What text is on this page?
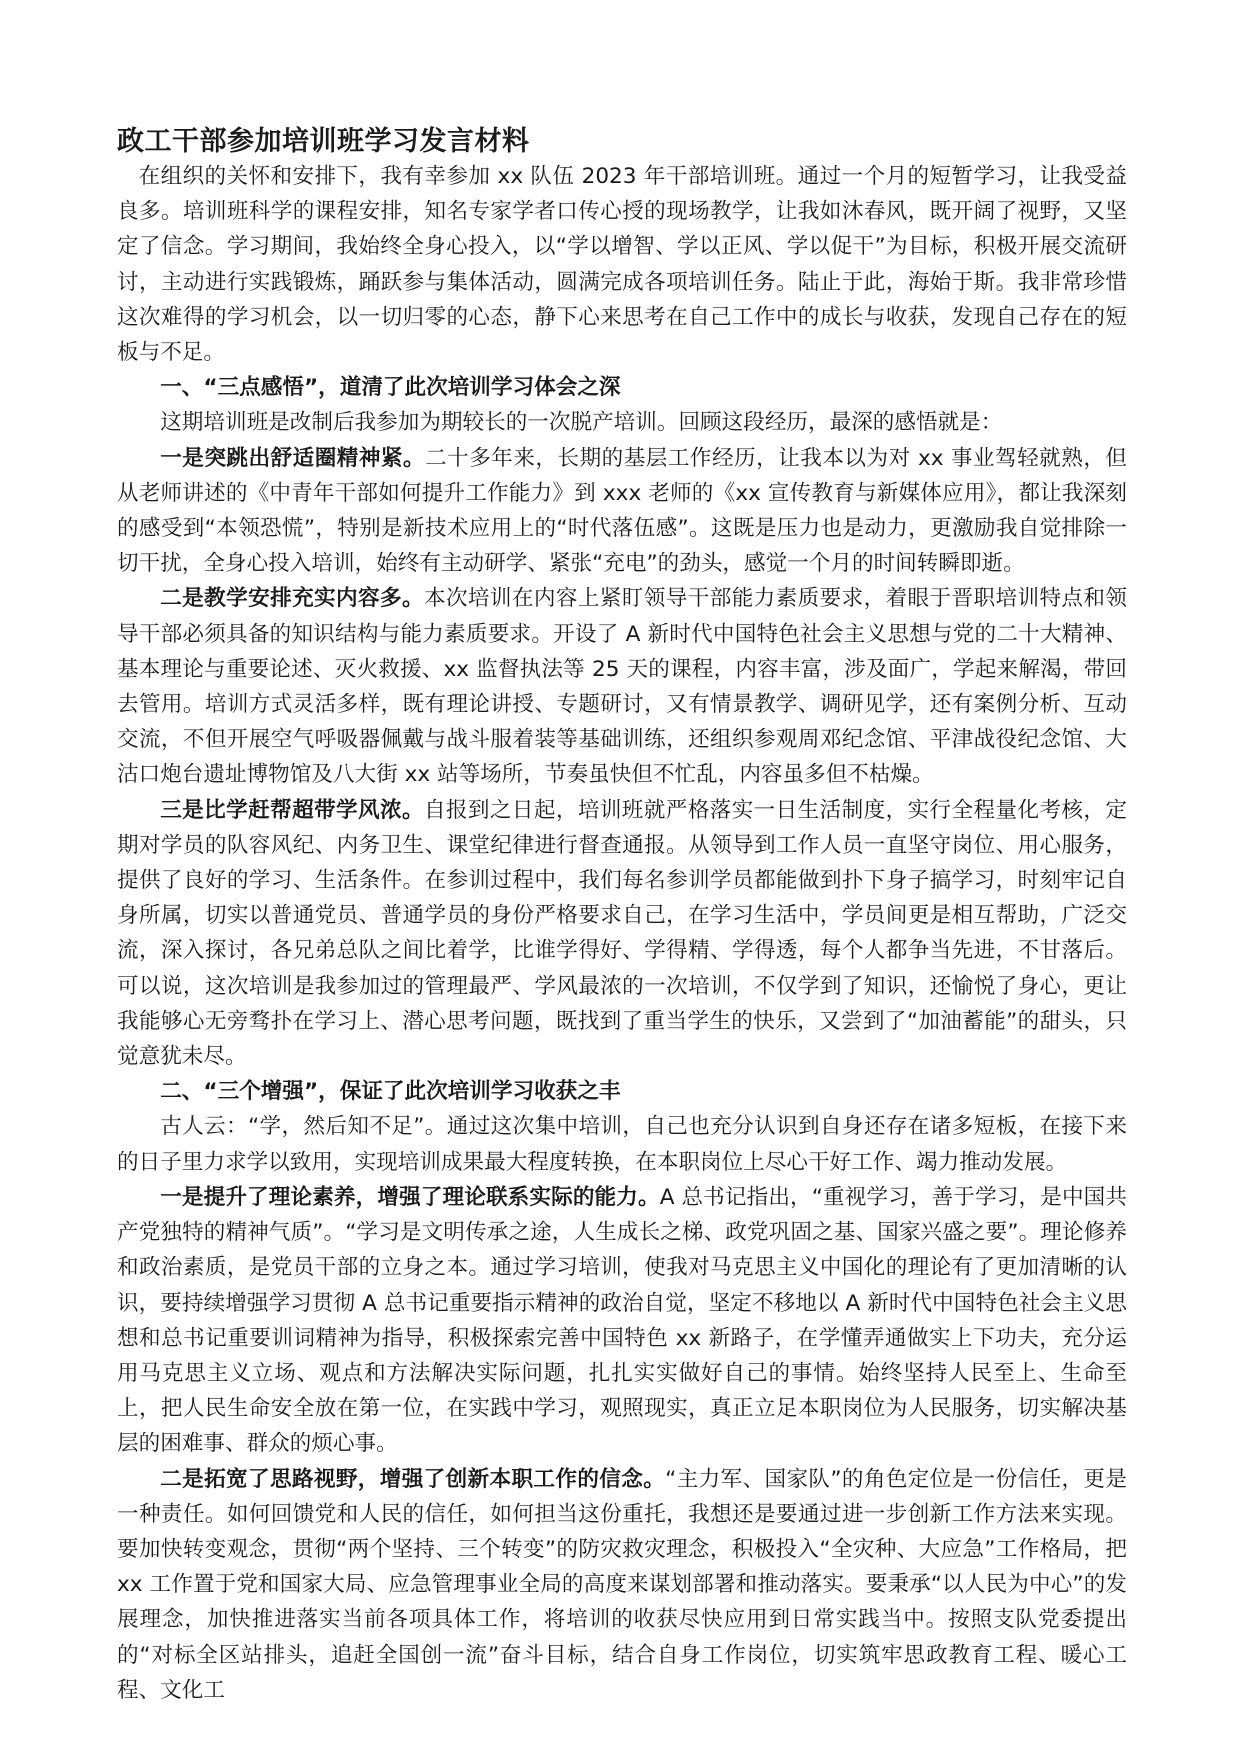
政工干部参加培训班学习发言材料

在组织的关怀和安排下，我有幸参加 xx 队伍 2023 年干部培训班。通过一个月的短暂学习，让我受益良多。培训班科学的课程安排，知名专家学者口传心授的现场教学，让我如沐春风，既开阔了视野，又坚定了信念。学习期间，我始终全身心投入，以“学以增智、学以正风、学以促干”为目标，积极开展交流研讨，主动进行实践锻炼，踊跃参与集体活动，圆满完成各项培训任务。陆止于此，海始于斯。我非常珍惜这次难得的学习机会，以一切归零的心态，静下心来思考在自己工作中的成长与收获，发现自己存在的短板与不足。

一、“三点感悟”，道清了此次培训学习体会之深

这期培训班是改制后我参加为期较长的一次脱产培训。回顾这段经历，最深的感悟就是：

一是突跳出舒适圈精神紧。二十多年来，长期的基层工作经历，让我本以为对 xx 事业驾轻就熟，但从老师讲述的《中青年干部如何提升工作能力》到 xxx 老师的《xx 宣传教育与新媒体应用》，都让我深刻的感受到“本领恐慌”，特别是新技术应用上的“时代落伍感”。这既是压力也是动力，更激励我自觉排除一切干扰，全身心投入培训，始终有主动研学、紧张“充电”的劲头，感觉一个月的时间转瞬即逝。

二是教学安排充实内容多。本次培训在内容上紧盯领导干部能力素质要求，着眼于晋职培训特点和领导干部必须具备的知识结构与能力素质要求。开设了 A 新时代中国特色社会主义思想与党的二十大精神、基本理论与重要论述、灭火救援、xx 监督执法等 25 天的课程，内容丰富，涉及面广，学起来解渴，带回去管用。培训方式灵活多样，既有理论讲授、专题研讨，又有情景教学、调研见学，还有案例分析、互动交流，不但开展空气呼吸器佩戴与战斗服着装等基础训练，还组织参观周邓纪念馆、平津战役纪念馆、大沽口炮台遗址博物馆及八大街 xx 站等场所，节奏虽快但不忙乱，内容虽多但不枯燥。

三是比学赶帮超带学风浓。自报到之日起，培训班就严格落实一日生活制度，实行全程量化考核，定期对学员的队容风纪、内务卫生、课堂纪律进行督查通报。从领导到工作人员一直坚守岗位、用心服务，提供了良好的学习、生活条件。在参训过程中，我们每名参训学员都能做到扑下身子搞学习，时刻牢记自身所属，切实以普通党员、普通学员的身份严格要求自己，在学习生活中，学员间更是相互帮助，广泛交流，深入探讨，各兄弟总队之间比着学，比谁学得好、学得精、学得透，每个人都争当先进，不甘落后。可以说，这次培训是我参加过的管理最严、学风最浓的一次培训，不仅学到了知识，还愉悦了身心，更让我能够心无旁骛扑在学习上、潜心思考问题，既找到了重当学生的快乐，又尝到了“加油蓄能”的甜头，只觉意犹未尽。

二、“三个增强”，保证了此次培训学习收获之丰

古人云：“学，然后知不足”。通过这次集中培训，自己也充分认识到自身还存在诸多短板，在接下来的日子里力求学以致用，实现培训成果最大程度转换，在本职岗位上尽心干好工作、竭力推动发展。

一是提升了理论素养，增强了理论联系实际的能力。A 总书记指出，“重视学习，善于学习，是中国共产党独特的精神气质”。“学习是文明传承之途，人生成长之梯、政党巩固之基、国家兴盛之要”。理论修养和政治素质，是党员干部的立身之本。通过学习培训，使我对马克思主义中国化的理论有了更加清晰的认识，要持续增强学习贯彻 A 总书记重要指示精神的政治自觉，坚定不移地以 A 新时代中国特色社会主义思想和总书记重要训词精神为指导，积极探索完善中国特色 xx 新路子，在学懂弄通做实上下功夫，充分运用马克思主义立场、观点和方法解决实际问题，扎扎实实做好自己的事情。始终坚持人民至上、生命至上，把人民生命安全放在第一位，在实践中学习，观照现实，真正立足本职岗位为人民服务，切实解决基层的困难事、群众的烦心事。

二是拓宽了思路视野，增强了创新本职工作的信念。“主力军、国家队”的角色定位是一份信任，更是一种责任。如何回馈党和人民的信任，如何担当这份重托，我想还是要通过进一步创新工作方法来实现。要加快转变观念，贯彻“两个坚持、三个转变”的防灾救灾理念，积极投入“全灾种、大应急”工作格局，把 xx 工作置于党和国家大局、应急管理事业全局的高度来谋划部署和推动落实。要秉承“以人民为中心”的发展理念，加快推进落实当前各项具体工作，将培训的收获尽快应用到日常实践当中。按照支队党委提出的“对标全区站排头，追赶全国创一流”奋斗目标，结合自身工作岗位，切实筑牢思政教育工程、暖心工程、文化工
